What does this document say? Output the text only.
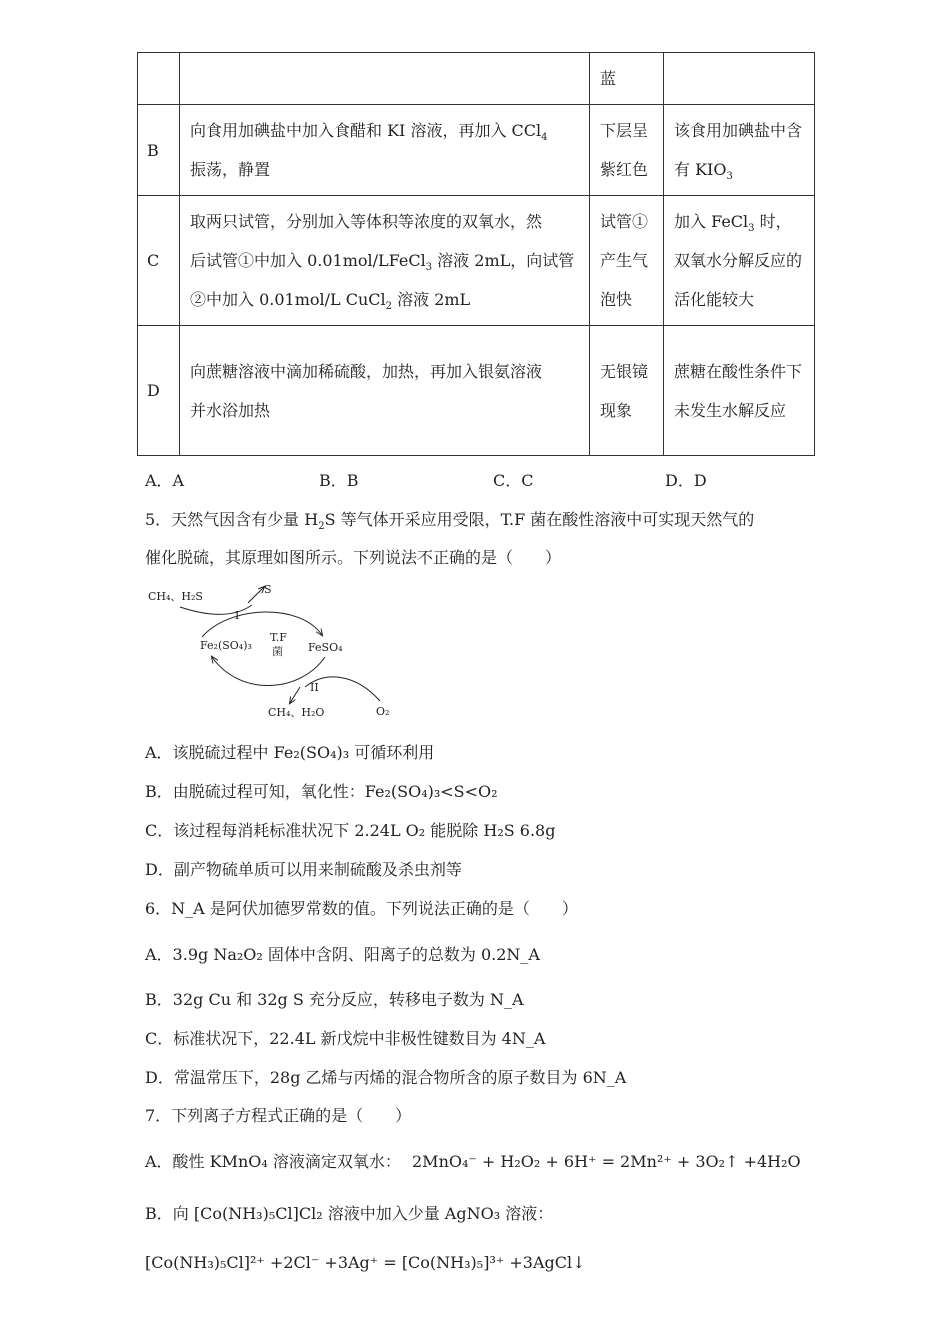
		蓝	
B	向食用加碘盐中加入食醋和 KI 溶液，再加入 CCl$_4$
振荡，静置	下层呈紫红色	该食用加碘盐中含有 $KIO_3$
C	取两只试管，分别加入等体积等浓度的双氧水，然
后试管①中加入 0.01mol/LFeCl$_3$ 溶液 2mL，向试管
②中加入 0.01mol/L CuCl$_2$ 溶液 2mL	试管①产生气泡快	加入 FeCl$_3$ 时，双氧水分解反应的活化能较大
D	向蔗糖溶液中滴加稀硫酸，加热，再加入银氨溶液
并水浴加热	无银镜现象	蔗糖在酸性条件下未发生水解反应
A．A	B．B	C．C	D．D
5．天然气因含有少量 $H_2S$ 等气体开采应用受限，T.F 菌在酸性溶液中可实现天然气的
催化脱硫，其原理如图所示。下列说法不正确的是（　　）
CH₄、H₂S
S
I
Fe₂(SO₄)₃
T.F
菌 FeSO₄
II
CH₄、H₂O	O₂
A．该脱硫过程中 Fe₂(SO₄)₃ 可循环利用
B．由脱硫过程可知，氧化性：Fe₂(SO₄)₃<S<O₂
C．该过程每消耗标准状况下 2.24L O₂ 能脱除 H₂S 6.8g
D．副产物硫单质可以用来制硫酸及杀虫剂等
6．N_A 是阿伏加德罗常数的值。下列说法正确的是（　　）
A．3.9g Na₂O₂ 固体中含阴、阳离子的总数为 0.2N_A
B．32g Cu 和 32g S 充分反应，转移电子数为 N_A
C．标准状况下，22.4L 新戊烷中非极性键数目为 4N_A
D．常温常压下，28g 乙烯与丙烯的混合物所含的原子数目为 6N_A
7．下列离子方程式正确的是（　　）
A．酸性 KMnO₄ 溶液滴定双氧水： 2MnO₄⁻ + H₂O₂ + 6H⁺ = 2Mn²⁺ + 3O₂↑ +4H₂O
B．向 [Co(NH₃)₅Cl]Cl₂ 溶液中加入少量 AgNO₃ 溶液：
[Co(NH₃)₅Cl]²⁺ +2Cl⁻ +3Ag⁺ = [Co(NH₃)₅]³⁺ +3AgCl↓
